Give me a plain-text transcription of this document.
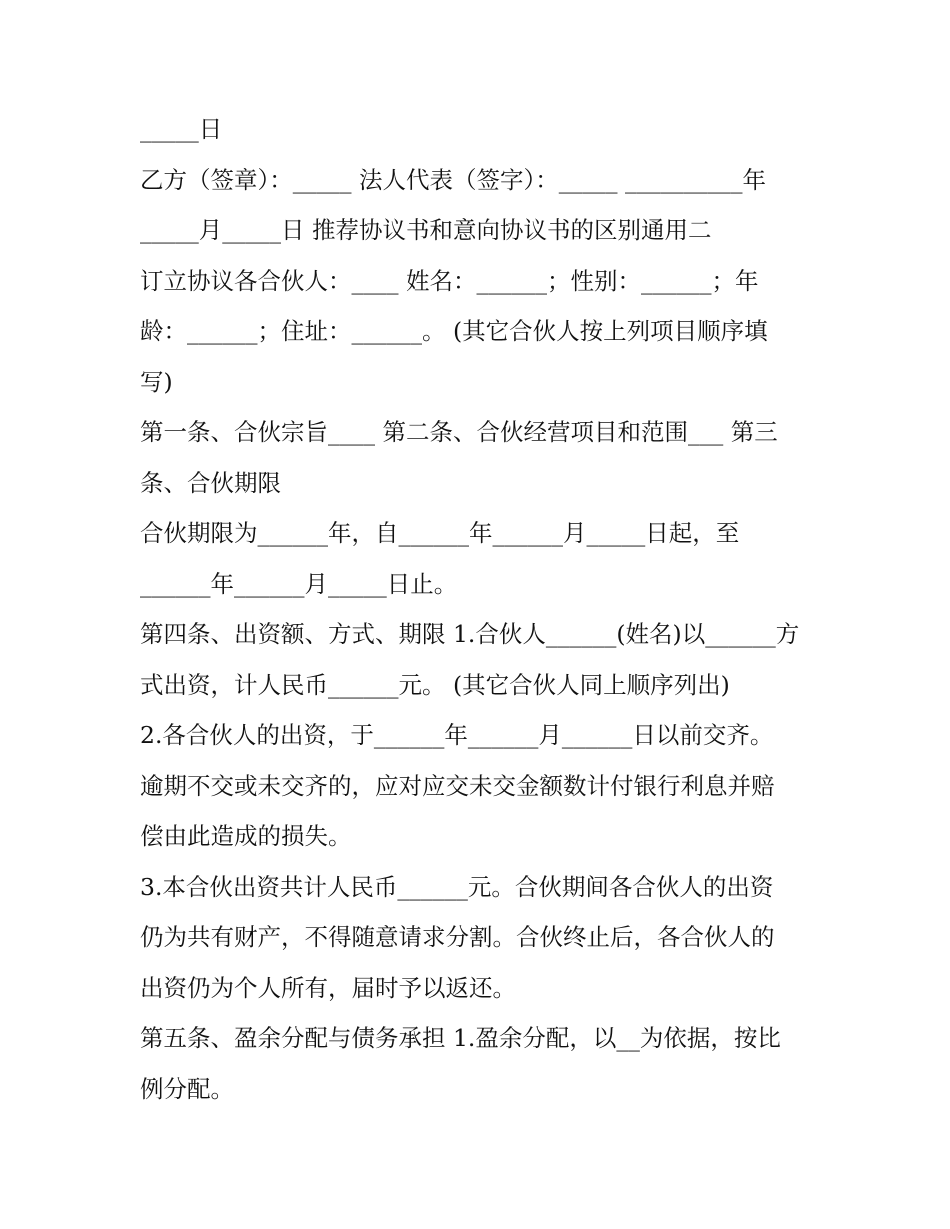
_____日
乙方（签章）：_____ 法人代表（签字）：_____ __________年
_____月_____日 推荐协议书和意向协议书的区别通用二
订立协议各合伙人：____ 姓名：______；性别：______；年
龄：______；住址：______。 (其它合伙人按上列项目顺序填
写)
第一条、合伙宗旨____ 第二条、合伙经营项目和范围___ 第三
条、合伙期限
合伙期限为______年，自______年______月_____日起，至
______年______月_____日止。
第四条、出资额、方式、期限 1.合伙人______(姓名)以______方
式出资，计人民币______元。 (其它合伙人同上顺序列出)
2.各合伙人的出资，于______年______月______日以前交齐。
逾期不交或未交齐的，应对应交未交金额数计付银行利息并赔
偿由此造成的损失。
3.本合伙出资共计人民币______元。合伙期间各合伙人的出资
仍为共有财产，不得随意请求分割。合伙终止后，各合伙人的
出资仍为个人所有，届时予以返还。
第五条、盈余分配与债务承担 1.盈余分配，以__为依据，按比
例分配。
